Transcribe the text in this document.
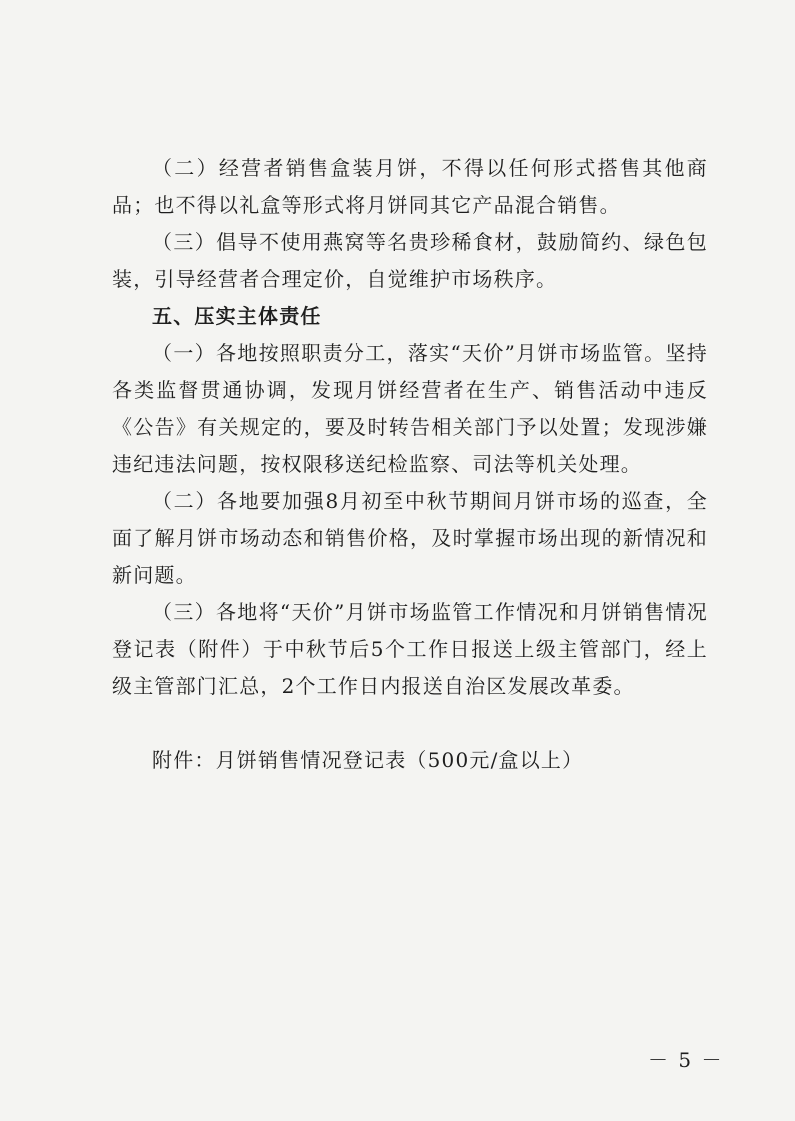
（二）经营者销售盒装月饼，不得以任何形式搭售其他商品；也不得以礼盒等形式将月饼同其它产品混合销售。

（三）倡导不使用燕窝等名贵珍稀食材，鼓励简约、绿色包装，引导经营者合理定价，自觉维护市场秩序。

五、压实主体责任

（一）各地按照职责分工，落实“天价”月饼市场监管。坚持各类监督贯通协调，发现月饼经营者在生产、销售活动中违反《公告》有关规定的，要及时转告相关部门予以处置；发现涉嫌违纪违法问题，按权限移送纪检监察、司法等机关处理。

（二）各地要加强8月初至中秋节期间月饼市场的巡查，全面了解月饼市场动态和销售价格，及时掌握市场出现的新情况和新问题。

（三）各地将“天价”月饼市场监管工作情况和月饼销售情况登记表（附件）于中秋节后5个工作日报送上级主管部门，经上级主管部门汇总，2个工作日内报送自治区发展改革委。

附件：月饼销售情况登记表（500元/盒以上）

－ 5 －
